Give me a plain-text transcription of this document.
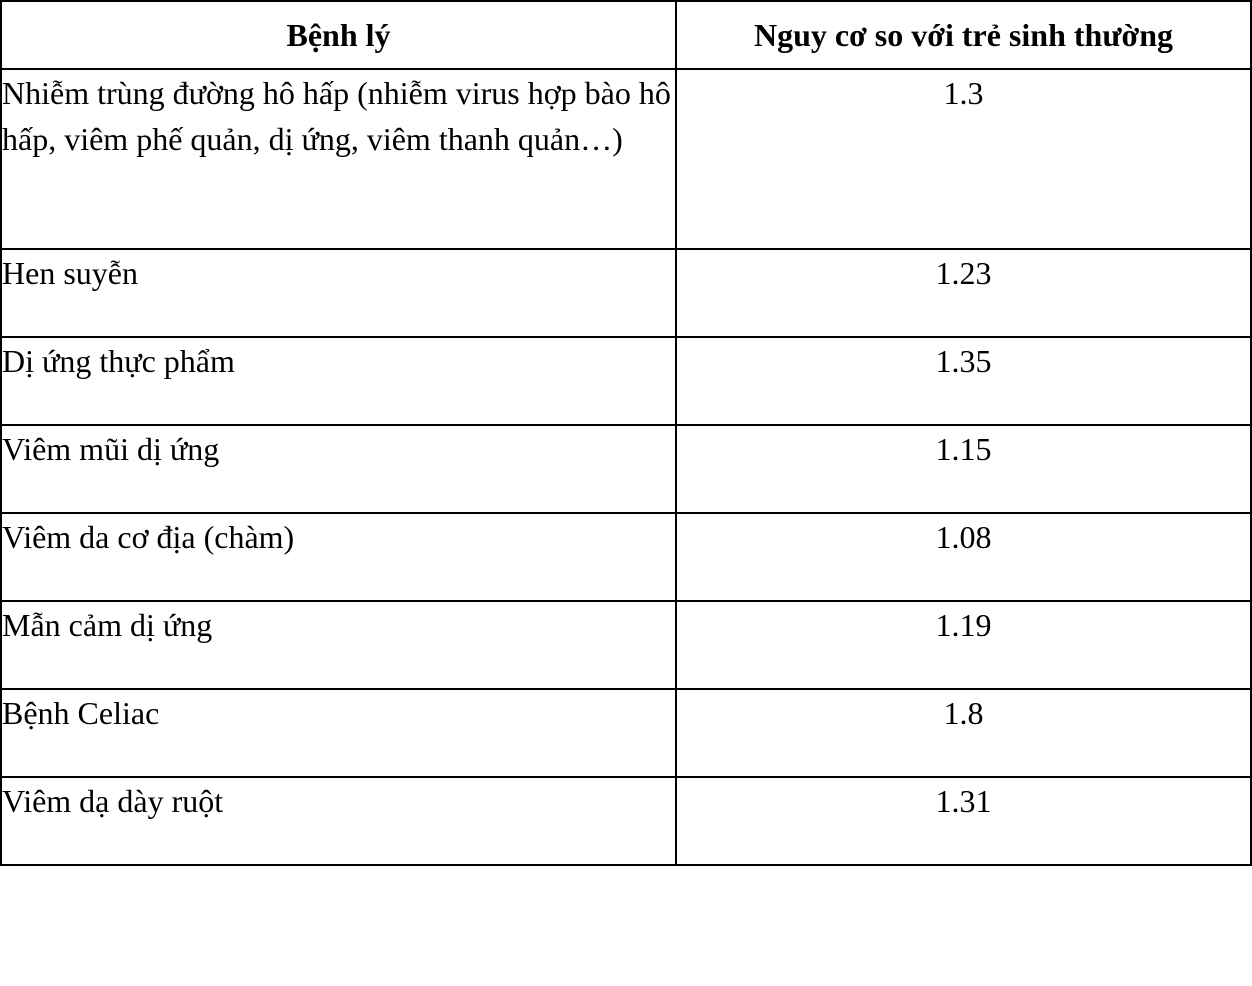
Bệnh lý	Nguy cơ so với trẻ sinh thường
Nhiễm trùng đường hô hấp (nhiễm virus hợp bào hô hấp, viêm phế quản, dị ứng, viêm thanh quản…)	1.3
Hen suyễn	1.23
Dị ứng thực phẩm	1.35
Viêm mũi dị ứng	1.15
Viêm da cơ địa (chàm)	1.08
Mẫn cảm dị ứng	1.19
Bệnh Celiac	1.8
Viêm dạ dày ruột	1.31
